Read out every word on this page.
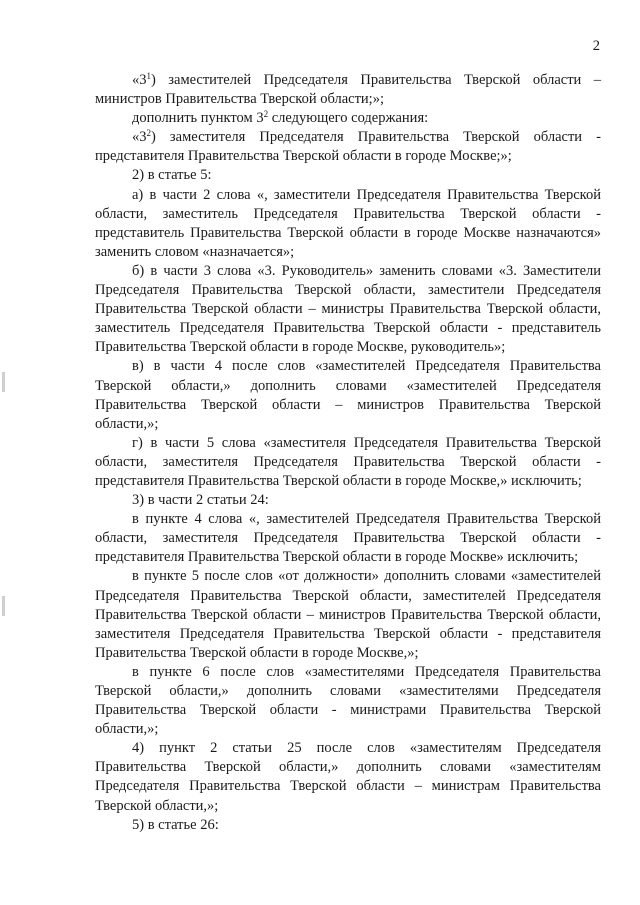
2

«$3^1$) заместителей Председателя Правительства Тверской области – министров Правительства Тверской области;»;

дополнить пунктом $3^2$ следующего содержания:

«$3^2$) заместителя Председателя Правительства Тверской области - представителя Правительства Тверской области в городе Москве;»;

2) в статье 5:

а) в части 2 слова «, заместители Председателя Правительства Тверской области, заместитель Председателя Правительства Тверской области - представитель Правительства Тверской области в городе Москве назначаются» заменить словом «назначается»;

б) в части 3 слова «3. Руководитель» заменить словами «3. Заместители Председателя Правительства Тверской области, заместители Председателя Правительства Тверской области – министры Правительства Тверской области, заместитель Председателя Правительства Тверской области - представитель Правительства Тверской области в городе Москве, руководитель»;

в) в части 4 после слов «заместителей Председателя Правительства Тверской области,» дополнить словами «заместителей Председателя Правительства Тверской области – министров Правительства Тверской области,»;

г) в части 5 слова «заместителя Председателя Правительства Тверской области, заместителя Председателя Правительства Тверской области - представителя Правительства Тверской области в городе Москве,» исключить;

3) в части 2 статьи 24:

в пункте 4 слова «, заместителей Председателя Правительства Тверской области, заместителя Председателя Правительства Тверской области - представителя Правительства Тверской области в городе Москве» исключить;

в пункте 5 после слов «от должности» дополнить словами «заместителей Председателя Правительства Тверской области, заместителей Председателя Правительства Тверской области – министров Правительства Тверской области, заместителя Председателя Правительства Тверской области - представителя Правительства Тверской области в городе Москве,»;

в пункте 6 после слов «заместителями Председателя Правительства Тверской области,» дополнить словами «заместителями Председателя Правительства Тверской области - министрами Правительства Тверской области,»;

4) пункт 2 статьи 25 после слов «заместителям Председателя Правительства Тверской области,» дополнить словами «заместителям Председателя Правительства Тверской области – министрам Правительства Тверской области,»;

5) в статье 26:
